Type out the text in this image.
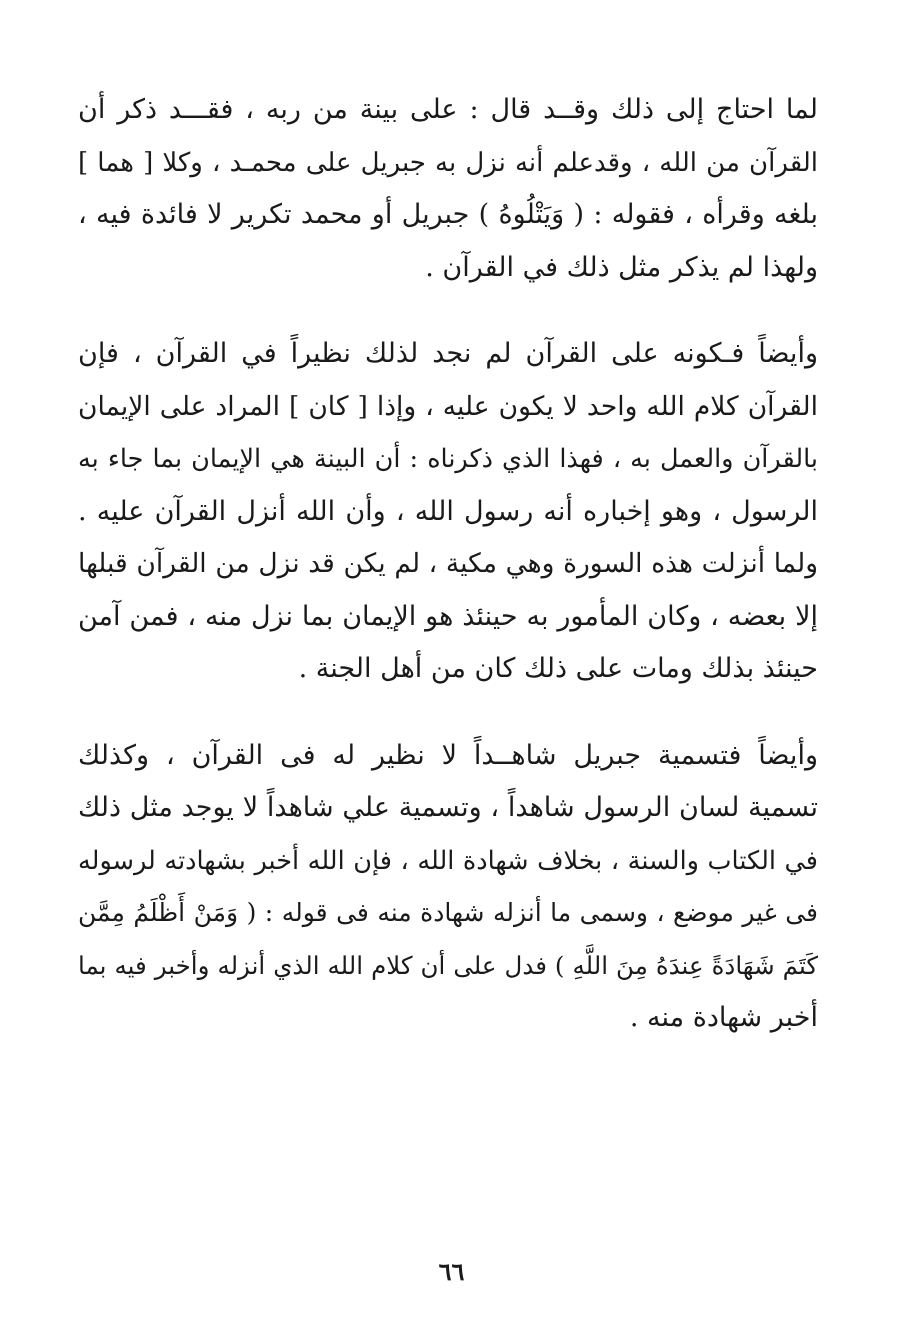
لما احتاج إلى ذلك وقــد قال : على بينة من ربه ، فقـــد ذكر أن
القرآن من الله ، وقدعلم أنه نزل به جبريل على محمـد ، وكلا [ هما ]
بلغه وقرأه ، فقوله : ( وَيَتْلُوهُ ) جبريل أو محمد تكرير لا فائدة فيه ،
ولهذا لم يذكر مثل ذلك في القرآن .
وأيضاً فـكونه على القرآن لم نجد لذلك نظيراً في القرآن ، فإن
القرآن كلام الله واحد لا يكون عليه ، وإذا [ كان ] المراد على الإيمان
بالقرآن والعمل به ، فهذا الذي ذكرناه : أن البينة هي الإيمان بما جاء به
الرسول ، وهو إخباره أنه رسول الله ، وأن الله أنزل القرآن عليه .
ولما أنزلت هذه السورة وهي مكية ، لم يكن قد نزل من القرآن قبلها
إلا بعضه ، وكان المأمور به حينئذ هو الإيمان بما نزل منه ، فمن آمن
حينئذ بذلك ومات على ذلك كان من أهل الجنة .
وأيضاً فتسمية جبريل شاهــداً لا نظير له فى القرآن ، وكذلك
تسمية لسان الرسول شاهداً ، وتسمية علي شاهداً لا يوجد مثل ذلك
في الكتاب والسنة ، بخلاف شهادة الله ، فإن الله أخبر بشهادته لرسوله
فى غير موضع ، وسمى ما أنزله شهادة منه فى قوله : ( وَمَنْ أَظْلَمُ مِمَّن
كَتَمَ شَهَادَةً عِندَهُ مِنَ اللَّهِ ) فدل على أن كلام الله الذي أنزله وأخبر فيه بما
أخبر شهادة منه .
٦٦
